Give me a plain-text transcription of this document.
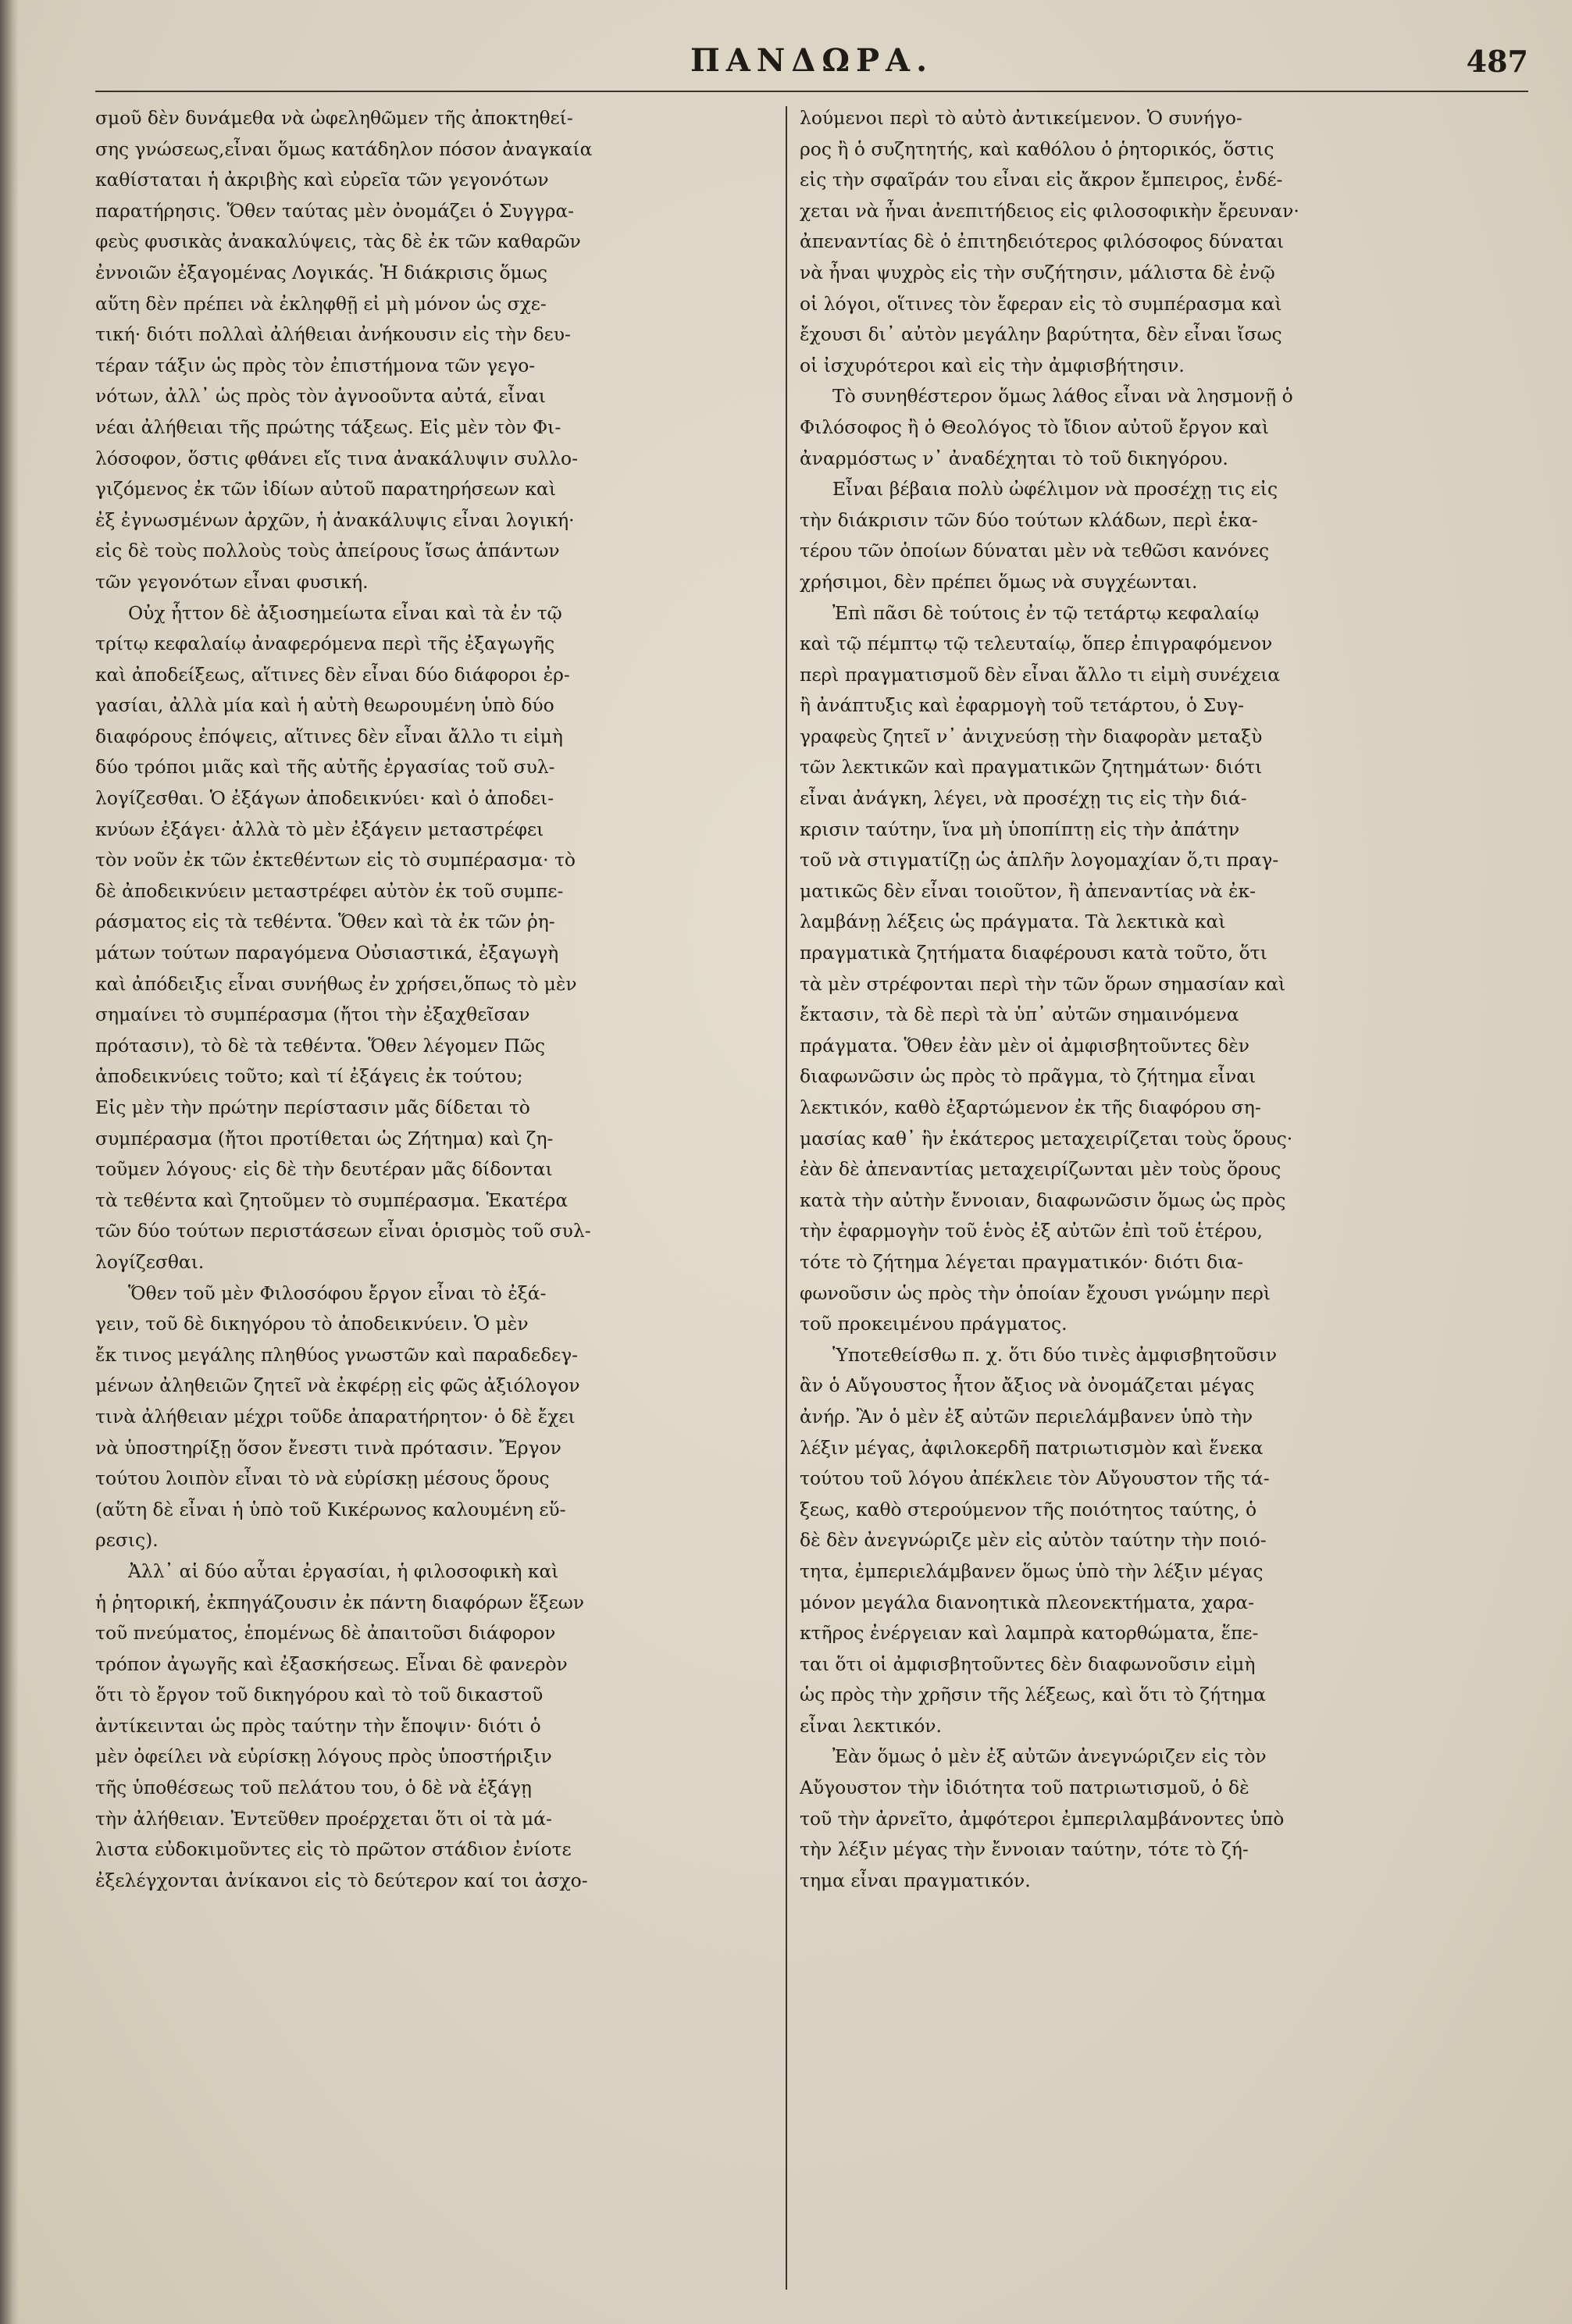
ΠΑΝΔΩΡΑ.	487
σμοῦ δὲν δυνάμεθα νὰ ὠφεληθῶμεν τῆς ἀποκτηθεί-
σης γνώσεως,εἶναι ὅμως κατάδηλον πόσον ἀναγκαία
καθίσταται ἡ ἀκριβὴς καὶ εὐρεῖα τῶν γεγονότων
παρατήρησις. Ὅθεν ταύτας μὲν ὀνομάζει ὁ Συγγρα-
φεὺς φυσικὰς ἀνακαλύψεις, τὰς δὲ ἐκ τῶν καθαρῶν
ἐννοιῶν ἐξαγομένας Λογικάς. Ἡ διάκρισις ὅμως
αὕτη δὲν πρέπει νὰ ἐκληφθῇ εἰ μὴ μόνον ὡς σχε-
τική· διότι πολλαὶ ἀλήθειαι ἀνήκουσιν εἰς τὴν δευ-
τέραν τάξιν ὡς πρὸς τὸν ἐπιστήμονα τῶν γεγο-
νότων, ἀλλ᾽ ὡς πρὸς τὸν ἀγνοοῦντα αὐτά, εἶναι
νέαι ἀλήθειαι τῆς πρώτης τάξεως. Εἰς μὲν τὸν Φι-
λόσοφον, ὅστις φθάνει εἴς τινα ἀνακάλυψιν συλλο-
γιζόμενος ἐκ τῶν ἰδίων αὐτοῦ παρατηρήσεων καὶ
ἐξ ἐγνωσμένων ἀρχῶν, ἡ ἀνακάλυψις εἶναι λογική·
εἰς δὲ τοὺς πολλοὺς τοὺς ἀπείρους ἴσως ἁπάντων
τῶν γεγονότων εἶναι φυσική.
Οὐχ ἧττον δὲ ἀξιοσημείωτα εἶναι καὶ τὰ ἐν τῷ
τρίτῳ κεφαλαίῳ ἀναφερόμενα περὶ τῆς ἐξαγωγῆς
καὶ ἀποδείξεως, αἵτινες δὲν εἶναι δύο διάφοροι ἐρ-
γασίαι, ἀλλὰ μία καὶ ἡ αὐτὴ θεωρουμένη ὑπὸ δύο
διαφόρους ἐπόψεις, αἵτινες δὲν εἶναι ἄλλο τι εἰμὴ
δύο τρόποι μιᾶς καὶ τῆς αὐτῆς ἐργασίας τοῦ συλ-
λογίζεσθαι. Ὁ ἐξάγων ἀποδεικνύει· καὶ ὁ ἀποδει-
κνύων ἐξάγει· ἀλλὰ τὸ μὲν ἐξάγειν μεταστρέφει
τὸν νοῦν ἐκ τῶν ἐκτεθέντων εἰς τὸ συμπέρασμα· τὸ
δὲ ἀποδεικνύειν μεταστρέφει αὐτὸν ἐκ τοῦ συμπε-
ράσματος εἰς τὰ τεθέντα. Ὅθεν καὶ τὰ ἐκ τῶν ῥη-
μάτων τούτων παραγόμενα Οὐσιαστικά, ἐξαγωγὴ
καὶ ἀπόδειξις εἶναι συνήθως ἐν χρήσει,ὅπως τὸ μὲν
σημαίνει τὸ συμπέρασμα (ἤτοι τὴν ἐξαχθεῖσαν
πρότασιν), τὸ δὲ τὰ τεθέντα. Ὅθεν λέγομεν Πῶς
ἀποδεικνύεις τοῦτο; καὶ τί ἐξάγεις ἐκ τούτου;
Εἰς μὲν τὴν πρώτην περίστασιν μᾶς δίδεται τὸ
συμπέρασμα (ἤτοι προτίθεται ὡς Ζήτημα) καὶ ζη-
τοῦμεν λόγους· εἰς δὲ τὴν δευτέραν μᾶς δίδονται
τὰ τεθέντα καὶ ζητοῦμεν τὸ συμπέρασμα. Ἑκατέρα
τῶν δύο τούτων περιστάσεων εἶναι ὁρισμὸς τοῦ συλ-
λογίζεσθαι.
Ὅθεν τοῦ μὲν Φιλοσόφου ἔργον εἶναι τὸ ἐξά-
γειν, τοῦ δὲ δικηγόρου τὸ ἀποδεικνύειν. Ὁ μὲν
ἔκ τινος μεγάλης πληθύος γνωστῶν καὶ παραδεδεγ-
μένων ἀληθειῶν ζητεῖ νὰ ἐκφέρῃ εἰς φῶς ἀξιόλογον
τινὰ ἀλήθειαν μέχρι τοῦδε ἀπαρατήρητον· ὁ δὲ ἔχει
νὰ ὑποστηρίξῃ ὅσον ἔνεστι τινὰ πρότασιν. Ἔργον
τούτου λοιπὸν εἶναι τὸ νὰ εὑρίσκῃ μέσους ὅρους
(αὕτη δὲ εἶναι ἡ ὑπὸ τοῦ Κικέρωνος καλουμένη εὕ-
ρεσις).
Ἀλλ᾽ αἱ δύο αὗται ἐργασίαι, ἡ φιλοσοφικὴ καὶ
ἡ ῥητορική, ἐκπηγάζουσιν ἐκ πάντη διαφόρων ἕξεων
τοῦ πνεύματος, ἑπομένως δὲ ἀπαιτοῦσι διάφορον
τρόπον ἀγωγῆς καὶ ἐξασκήσεως. Εἶναι δὲ φανερὸν
ὅτι τὸ ἔργον τοῦ δικηγόρου καὶ τὸ τοῦ δικαστοῦ
ἀντίκεινται ὡς πρὸς ταύτην τὴν ἔποψιν· διότι ὁ
μὲν ὀφείλει νὰ εὑρίσκῃ λόγους πρὸς ὑποστήριξιν
τῆς ὑποθέσεως τοῦ πελάτου του, ὁ δὲ νὰ ἐξάγῃ
τὴν ἀλήθειαν. Ἐντεῦθεν προέρχεται ὅτι οἱ τὰ μά-
λιστα εὐδοκιμοῦντες εἰς τὸ πρῶτον στάδιον ἐνίοτε
ἐξελέγχονται ἀνίκανοι εἰς τὸ δεύτερον καί τοι ἀσχο-
λούμενοι περὶ τὸ αὐτὸ ἀντικείμενον. Ὁ συνήγο-
ρος ἢ ὁ συζητητής, καὶ καθόλου ὁ ῥητορικός, ὅστις
εἰς τὴν σφαῖράν του εἶναι εἰς ἄκρον ἔμπειρος, ἐνδέ-
χεται νὰ ἦναι ἀνεπιτήδειος εἰς φιλοσοφικὴν ἔρευναν·
ἀπεναντίας δὲ ὁ ἐπιτηδειότερος φιλόσοφος δύναται
νὰ ἦναι ψυχρὸς εἰς τὴν συζήτησιν, μάλιστα δὲ ἐνῷ
οἱ λόγοι, οἵτινες τὸν ἔφεραν εἰς τὸ συμπέρασμα καὶ
ἔχουσι δι᾽ αὐτὸν μεγάλην βαρύτητα, δὲν εἶναι ἴσως
οἱ ἰσχυρότεροι καὶ εἰς τὴν ἀμφισβήτησιν.
Τὸ συνηθέστερον ὅμως λάθος εἶναι νὰ λησμονῇ ὁ
Φιλόσοφος ἢ ὁ Θεολόγος τὸ ἴδιον αὐτοῦ ἔργον καὶ
ἀναρμόστως ν᾽ ἀναδέχηται τὸ τοῦ δικηγόρου.
Εἶναι βέβαια πολὺ ὠφέλιμον νὰ προσέχῃ τις εἰς
τὴν διάκρισιν τῶν δύο τούτων κλάδων, περὶ ἑκα-
τέρου τῶν ὁποίων δύναται μὲν νὰ τεθῶσι κανόνες
χρήσιμοι, δὲν πρέπει ὅμως νὰ συγχέωνται.
Ἐπὶ πᾶσι δὲ τούτοις ἐν τῷ τετάρτῳ κεφαλαίῳ
καὶ τῷ πέμπτῳ τῷ τελευταίῳ, ὅπερ ἐπιγραφόμενον
περὶ πραγματισμοῦ δὲν εἶναι ἄλλο τι εἰμὴ συνέχεια
ἢ ἀνάπτυξις καὶ ἐφαρμογὴ τοῦ τετάρτου, ὁ Συγ-
γραφεὺς ζητεῖ ν᾽ ἀνιχνεύσῃ τὴν διαφορὰν μεταξὺ
τῶν λεκτικῶν καὶ πραγματικῶν ζητημάτων· διότι
εἶναι ἀνάγκη, λέγει, νὰ προσέχῃ τις εἰς τὴν διά-
κρισιν ταύτην, ἵνα μὴ ὑποπίπτῃ εἰς τὴν ἀπάτην
τοῦ νὰ στιγματίζῃ ὡς ἁπλῆν λογομαχίαν ὅ,τι πραγ-
ματικῶς δὲν εἶναι τοιοῦτον, ἢ ἀπεναντίας νὰ ἐκ-
λαμβάνῃ λέξεις ὡς πράγματα. Τὰ λεκτικὰ καὶ
πραγματικὰ ζητήματα διαφέρουσι κατὰ τοῦτο, ὅτι
τὰ μὲν στρέφονται περὶ τὴν τῶν ὅρων σημασίαν καὶ
ἔκτασιν, τὰ δὲ περὶ τὰ ὑπ᾽ αὐτῶν σημαινόμενα
πράγματα. Ὅθεν ἐὰν μὲν οἱ ἀμφισβητοῦντες δὲν
διαφωνῶσιν ὡς πρὸς τὸ πρᾶγμα, τὸ ζήτημα εἶναι
λεκτικόν, καθὸ ἐξαρτώμενον ἐκ τῆς διαφόρου ση-
μασίας καθ᾽ ἣν ἑκάτερος μεταχειρίζεται τοὺς ὅρους·
ἐὰν δὲ ἀπεναντίας μεταχειρίζωνται μὲν τοὺς ὅρους
κατὰ τὴν αὐτὴν ἔννοιαν, διαφωνῶσιν ὅμως ὡς πρὸς
τὴν ἐφαρμογὴν τοῦ ἑνὸς ἐξ αὐτῶν ἐπὶ τοῦ ἑτέρου,
τότε τὸ ζήτημα λέγεται πραγματικόν· διότι δια-
φωνοῦσιν ὡς πρὸς τὴν ὁποίαν ἔχουσι γνώμην περὶ
τοῦ προκειμένου πράγματος.
Ὑποτεθείσθω π. χ. ὅτι δύο τινὲς ἀμφισβητοῦσιν
ἂν ὁ Αὔγουστος ἦτον ἄξιος νὰ ὀνομάζεται μέγας
ἀνήρ. Ἂν ὁ μὲν ἐξ αὐτῶν περιελάμβανεν ὑπὸ τὴν
λέξιν μέγας, ἀφιλοκερδῆ πατριωτισμὸν καὶ ἕνεκα
τούτου τοῦ λόγου ἀπέκλειε τὸν Αὔγουστον τῆς τά-
ξεως, καθὸ στερούμενον τῆς ποιότητος ταύτης, ὁ
δὲ δὲν ἀνεγνώριζε μὲν εἰς αὐτὸν ταύτην τὴν ποιό-
τητα, ἐμπεριελάμβανεν ὅμως ὑπὸ τὴν λέξιν μέγας
μόνον μεγάλα διανοητικὰ πλεονεκτήματα, χαρα-
κτῆρος ἐνέργειαν καὶ λαμπρὰ κατορθώματα, ἕπε-
ται ὅτι οἱ ἀμφισβητοῦντες δὲν διαφωνοῦσιν εἰμὴ
ὡς πρὸς τὴν χρῆσιν τῆς λέξεως, καὶ ὅτι τὸ ζήτημα
εἶναι λεκτικόν.
Ἐὰν ὅμως ὁ μὲν ἐξ αὐτῶν ἀνεγνώριζεν εἰς τὸν
Αὔγουστον τὴν ἰδιότητα τοῦ πατριωτισμοῦ, ὁ δὲ
τοῦ τὴν ἀρνεῖτο, ἀμφότεροι ἐμπεριλαμβάνοντες ὑπὸ
τὴν λέξιν μέγας τὴν ἔννοιαν ταύτην, τότε τὸ ζή-
τημα εἶναι πραγματικόν.
